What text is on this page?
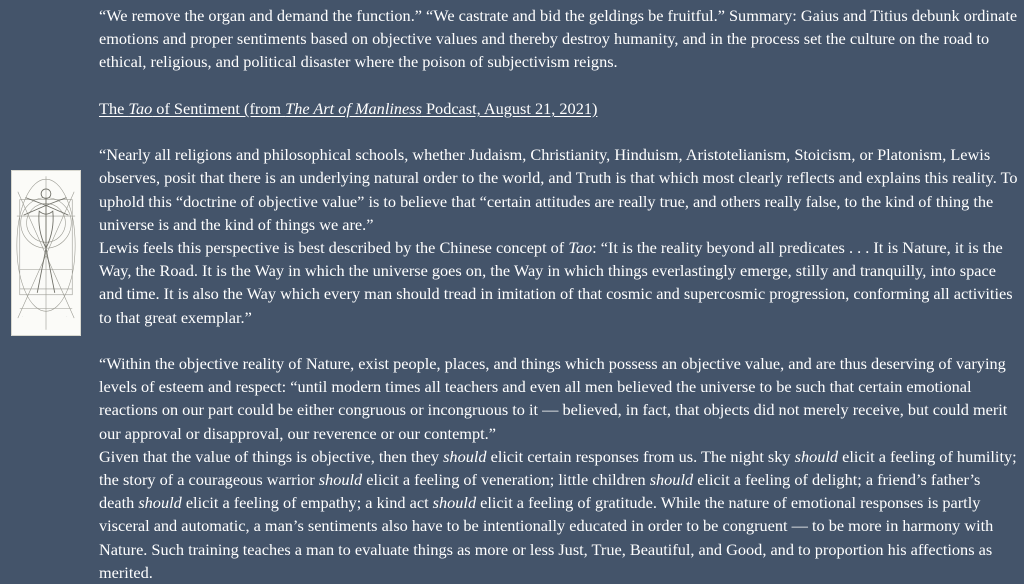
·	·

“We remove the organ and demand the function.” “We castrate and bid the geldings be fruitful.” Summary: Gaius and Titius debunk ordinate emotions and proper sentiments based on objective values and thereby destroy humanity, and in the process set the culture on the road to ethical, religious, and political disaster where the poison of subjectivism reigns.

The Tao of Sentiment (from The Art of Manliness Podcast, August 21, 2021)

“Nearly all religions and philosophical schools, whether Judaism, Christianity, Hinduism, Aristotelianism, Stoicism, or Platonism, Lewis observes, posit that there is an underlying natural order to the world, and Truth is that which most clearly reflects and explains this reality. To uphold this “doctrine of objective value” is to believe that “certain attitudes are really true, and others really false, to the kind of thing the universe is and the kind of things we are.”

Lewis feels this perspective is best described by the Chinese concept of Tao: “It is the reality beyond all predicates . . . It is Nature, it is the Way, the Road. It is the Way in which the universe goes on, the Way in which things everlastingly emerge, stilly and tranquilly, into space and time. It is also the Way which every man should tread in imitation of that cosmic and supercosmic progression, conforming all activities to that great exemplar.”

“Within the objective reality of Nature, exist people, places, and things which possess an objective value, and are thus deserving of varying levels of esteem and respect: “until modern times all teachers and even all men believed the universe to be such that certain emotional reactions on our part could be either congruous or incongruous to it — believed, in fact, that objects did not merely receive, but could merit our approval or disapproval, our reverence or our contempt.”

Given that the value of things is objective, then they should elicit certain responses from us. The night sky should elicit a feeling of humility; the story of a courageous warrior should elicit a feeling of veneration; little children should elicit a feeling of delight; a friend’s father’s death should elicit a feeling of empathy; a kind act should elicit a feeling of gratitude. While the nature of emotional responses is partly visceral and automatic, a man’s sentiments also have to be intentionally educated in order to be congruent — to be more in harmony with Nature. Such training teaches a man to evaluate things as more or less Just, True, Beautiful, and Good, and to proportion his affections as merited.
